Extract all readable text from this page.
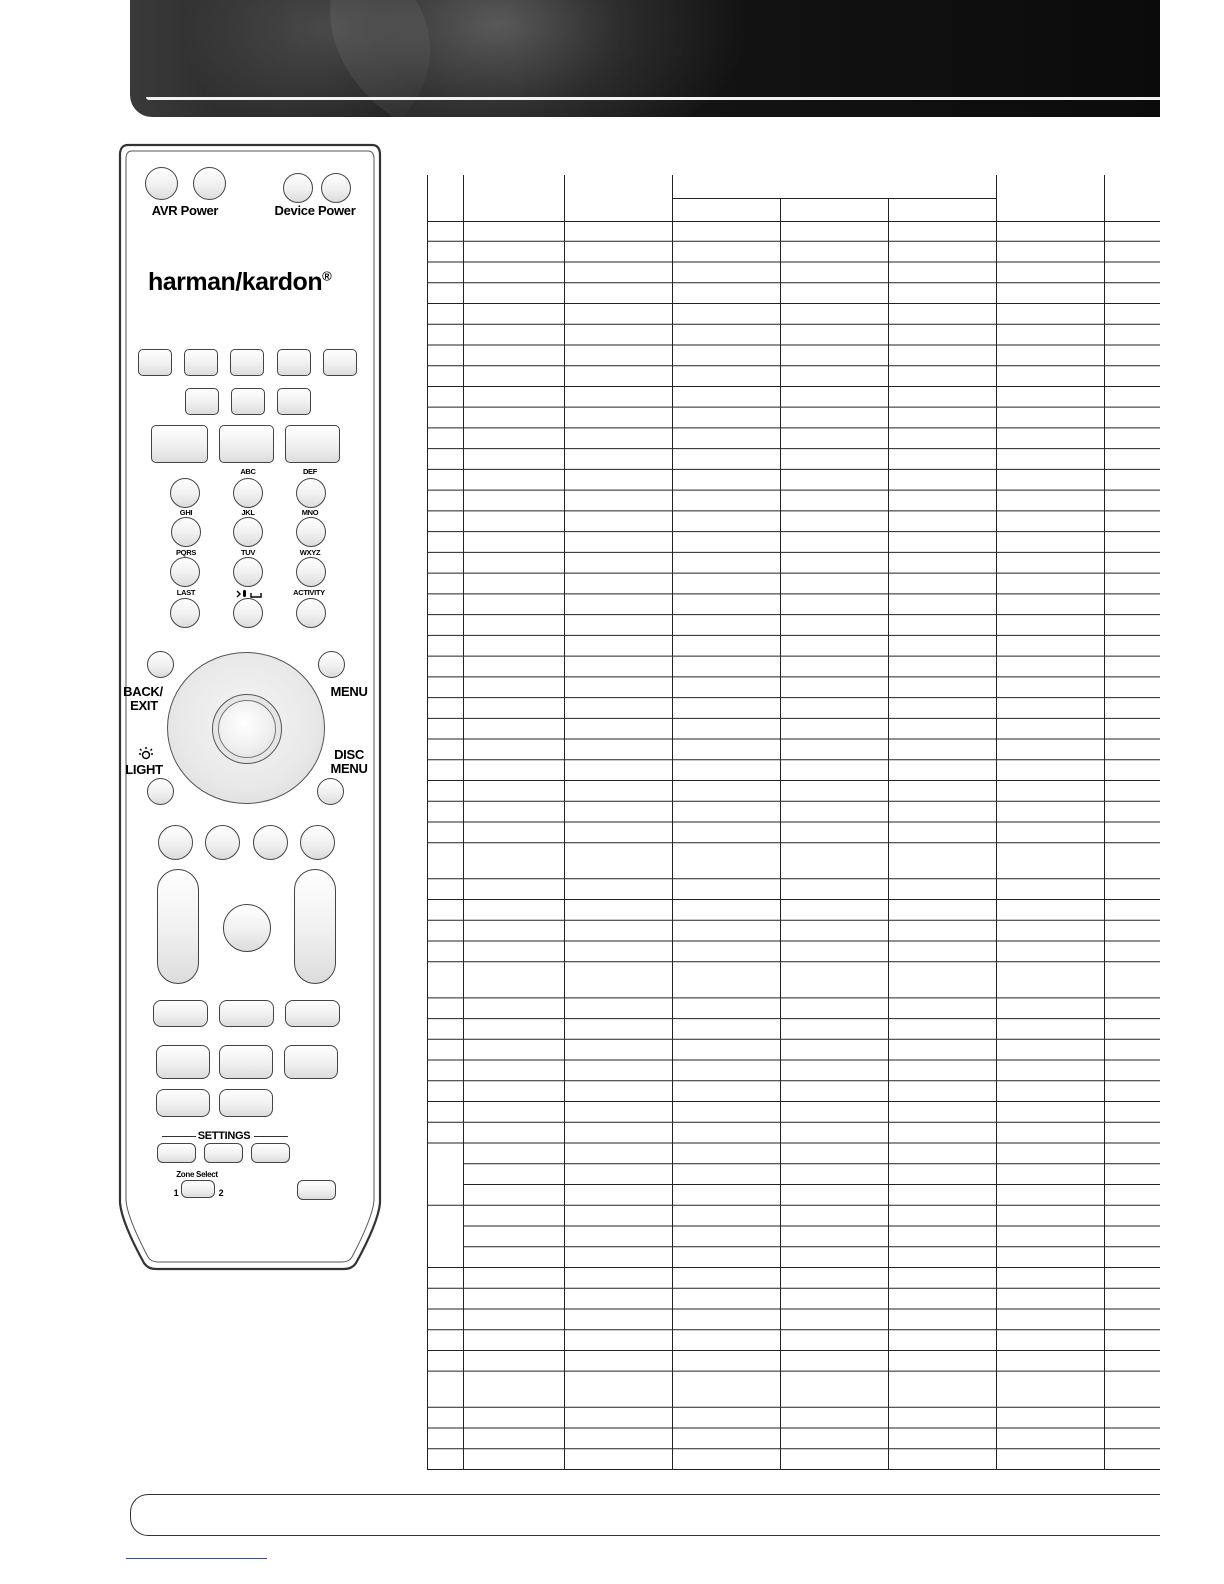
AVR Power	Device Power
harman/kardon®
ABC	DEF
GHI	JKL	MNO
PQRS	TUV	WXYZ
LAST	ACTIVITY
BACK/
EXIT
MENU
LIGHT
DISC
MENU
SETTINGS
Zone Select
1	2
